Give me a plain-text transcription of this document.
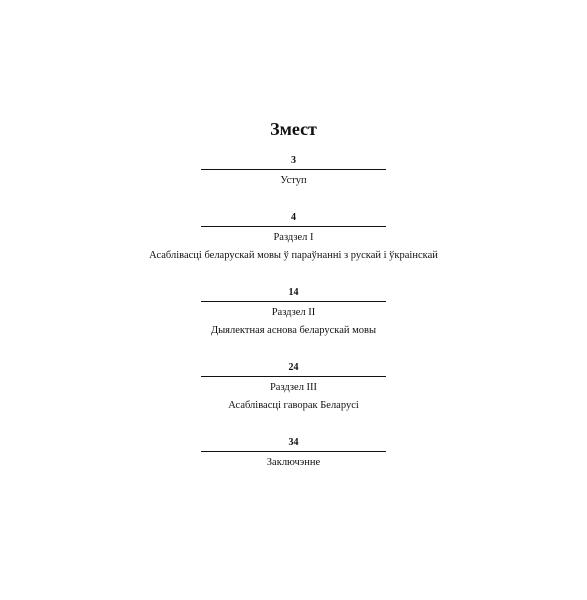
Змест
3
Уступ
4
Раздзел I
Асаблівасці беларускай мовы ў параўнанні з рускай і ўкраінскай
14
Раздзел II
Дыялектная аснова беларускай мовы
24
Раздзел III
Асаблівасці гаворак Беларусі
34
Заключэнне
